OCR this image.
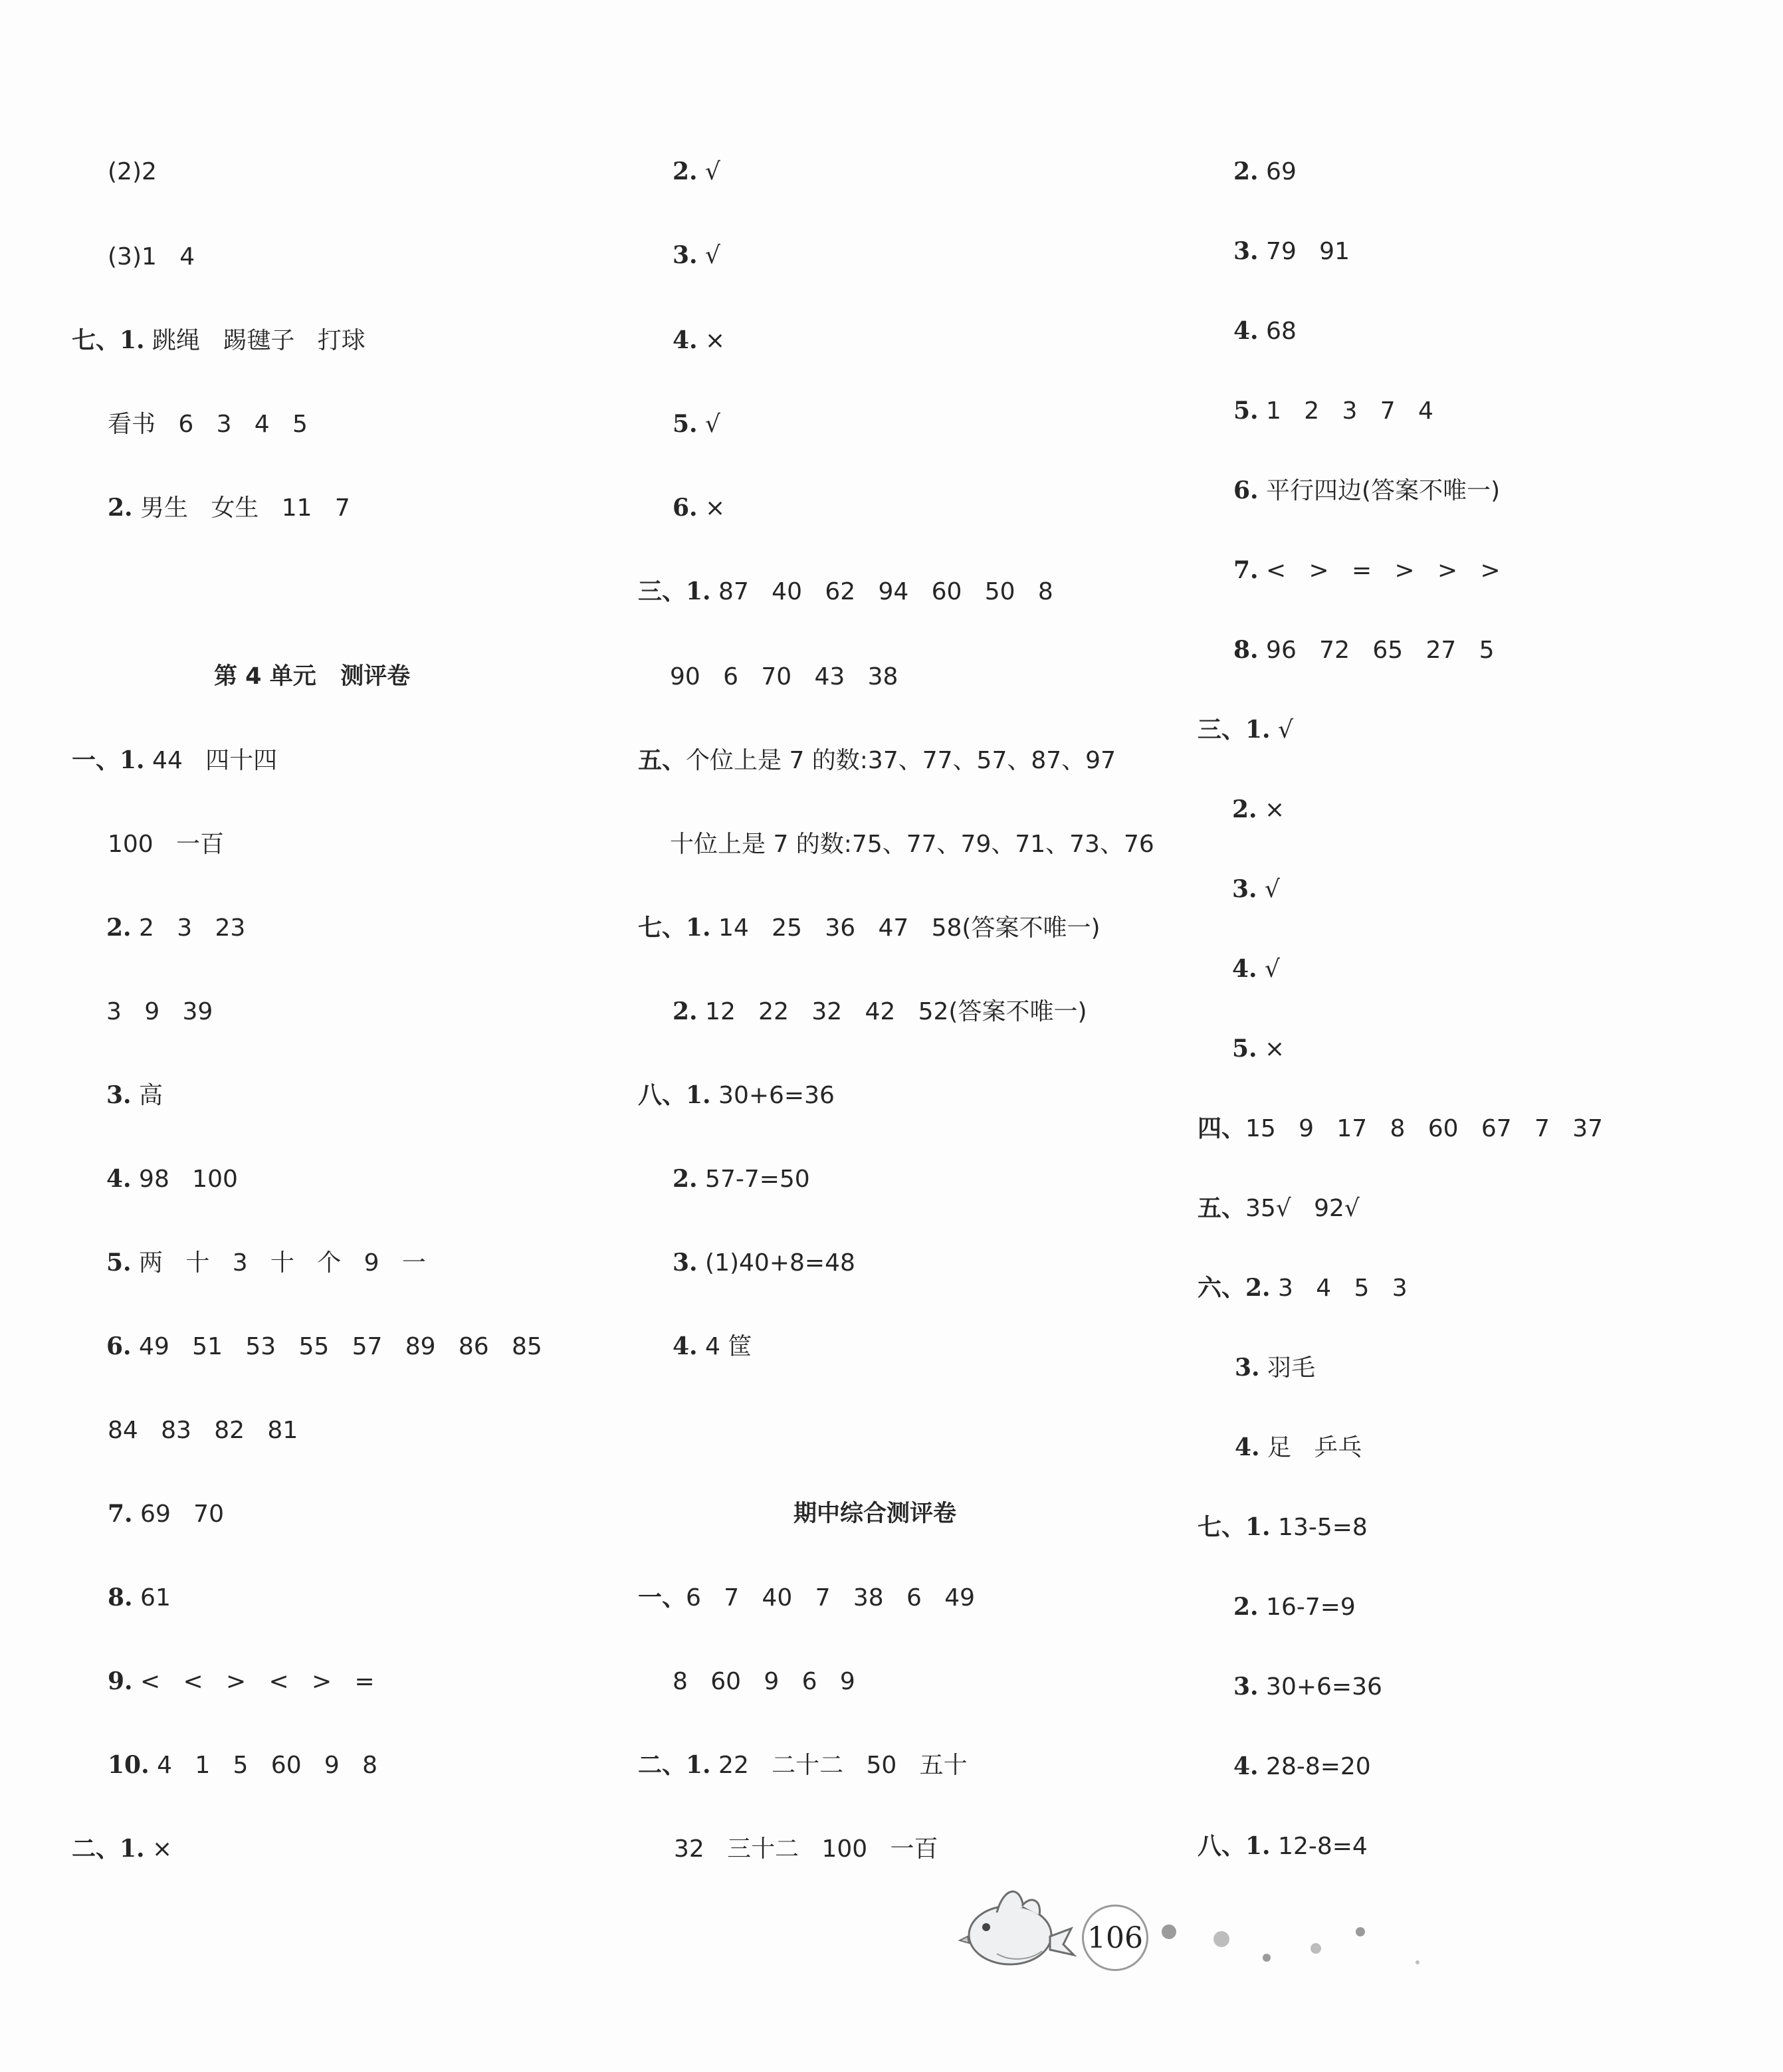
(2)2
(3)1   4
七、1. 跳绳   踢毽子   打球
看书   6   3   4   5
2. 男生   女生   11   7
第 4 单元   测评卷
一、1. 44   四十四
100   一百
2. 2   3   23
3   9   39
3. 高
4. 98   100
5. 两   十   3   十   个   9   一
6. 49   51   53   55   57   89   86   85
84   83   82   81
7. 69   70
8. 61
9. <   <   >   <   >   =
10. 4   1   5   60   9   8
二、1. ×
2. √
3. √
4. ×
5. √
6. ×
三、1. 87   40   62   94   60   50   8
90   6   70   43   38
五、个位上是 7 的数:37、77、57、87、97
十位上是 7 的数:75、77、79、71、73、76
七、1. 14   25   36   47   58(答案不唯一)
2. 12   22   32   42   52(答案不唯一)
八、1. 30+6=36
2. 57-7=50
3. (1)40+8=48
4. 4 筐
期中综合测评卷
一、6   7   40   7   38   6   49
8   60   9   6   9
二、1. 22   二十二   50   五十
32   三十二   100   一百
2. 69
3. 79   91
4. 68
5. 1   2   3   7   4
6. 平行四边(答案不唯一)
7. <   >   =   >   >   >
8. 96   72   65   27   5
三、1. √
2. ×
3. √
4. √
5. ×
四、15   9   17   8   60   67   7   37
五、35√   92√
六、2. 3   4   5   3
3. 羽毛
4. 足   乒乓
七、1. 13-5=8
2. 16-7=9
3. 30+6=36
4. 28-8=20
八、1. 12-8=4
106
